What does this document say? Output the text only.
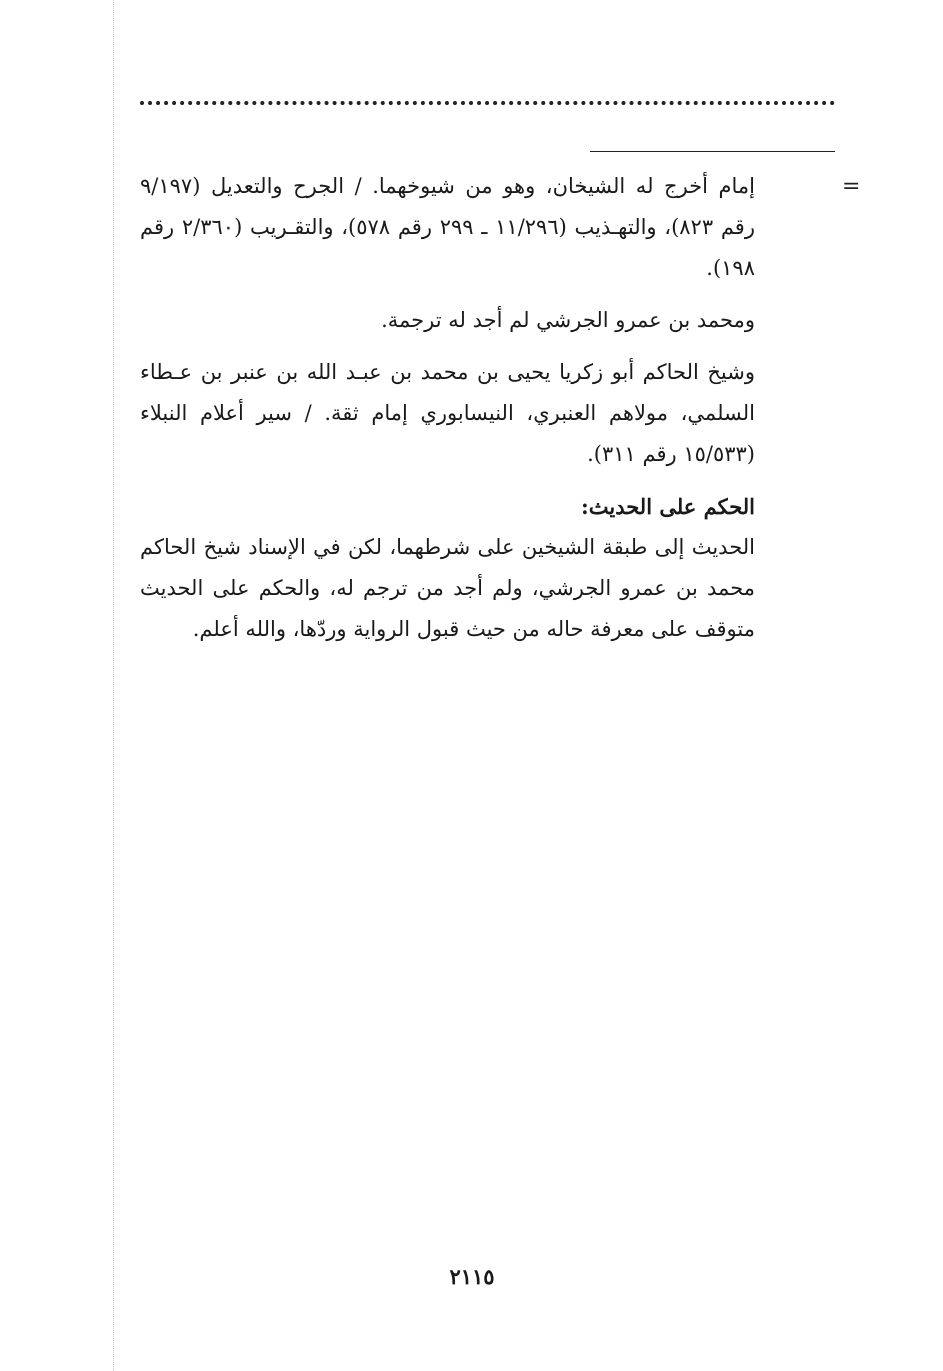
=

إمام أخرج له الشيخان، وهو من شيوخهما. / الجرح والتعديل (٩/١٩٧ رقم ٨٢٣)، والتهـذيب (١١/٢٩٦ ـ ٢٩٩ رقم ٥٧٨)، والتقـريب (٢/٣٦٠ رقم ١٩٨).

ومحمد بن عمرو الجرشي لم أجد له ترجمة.

وشيخ الحاكم أبو زكريا يحيى بن محمد بن عبـد الله بن عنبر بن عـطاء السلمي، مولاهم العنبري، النيسابوري إمام ثقة. / سير أعلام النبلاء (١٥/٥٣٣ رقم ٣١١).

الحكم على الحديث:

الحديث إلى طبقة الشيخين على شرطهما، لكن في الإسناد شيخ الحاكم محمد بن عمرو الجرشي، ولم أجد من ترجم له، والحكم على الحديث متوقف على معرفة حاله من حيث قبول الرواية وردّها، والله أعلم.

٢١١٥
